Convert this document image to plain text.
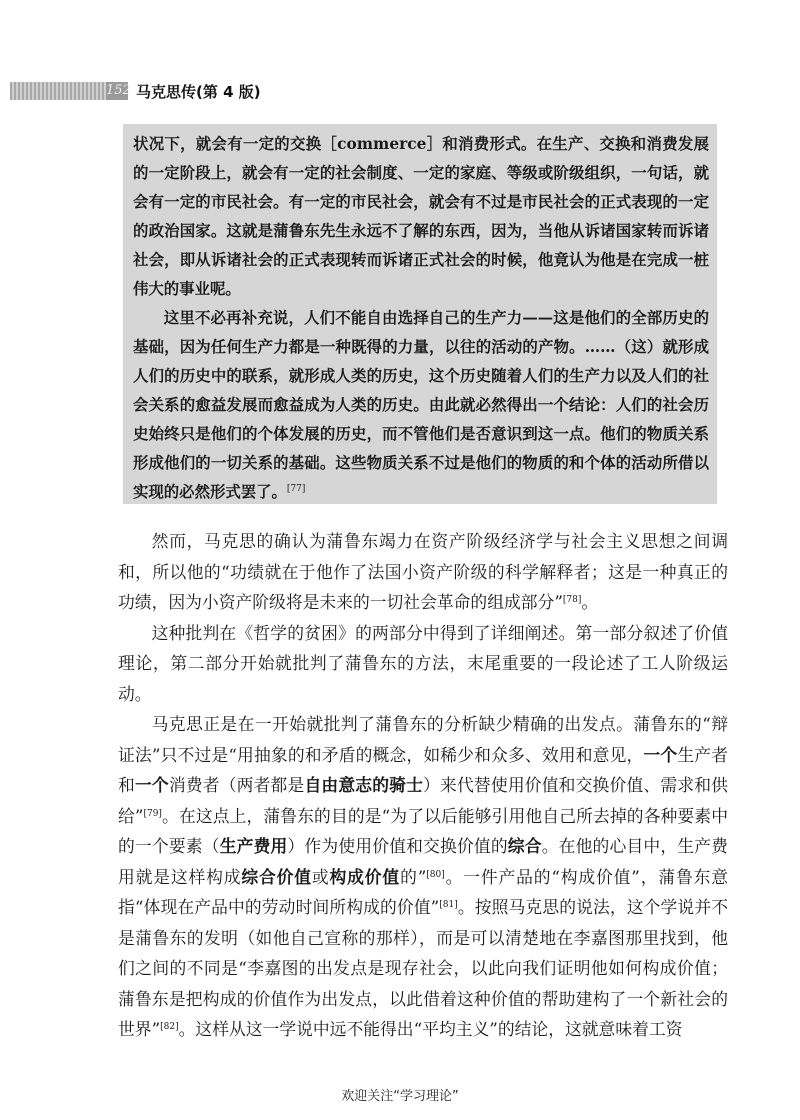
152 马克思传(第 4 版)

状况下，就会有一定的交换［commerce］和消费形式。在生产、交换和消费发展的一定阶段上，就会有一定的社会制度、一定的家庭、等级或阶级组织，一句话，就会有一定的市民社会。有一定的市民社会，就会有不过是市民社会的正式表现的一定的政治国家。这就是蒲鲁东先生永远不了解的东西，因为，当他从诉诸国家转而诉诸社会，即从诉诸社会的正式表现转而诉诸正式社会的时候，他竟认为他是在完成一桩伟大的事业呢。

这里不必再补充说，人们不能自由选择自己的生产力——这是他们的全部历史的基础，因为任何生产力都是一种既得的力量，以往的活动的产物。……（这）就形成人们的历史中的联系，就形成人类的历史，这个历史随着人们的生产力以及人们的社会关系的愈益发展而愈益成为人类的历史。由此就必然得出一个结论：人们的社会历史始终只是他们的个体发展的历史，而不管他们是否意识到这一点。他们的物质关系形成他们的一切关系的基础。这些物质关系不过是他们的物质的和个体的活动所借以实现的必然形式罢了。[77]

然而，马克思的确认为蒲鲁东竭力在资产阶级经济学与社会主义思想之间调和，所以他的“功绩就在于他作了法国小资产阶级的科学解释者；这是一种真正的功绩，因为小资产阶级将是未来的一切社会革命的组成部分”[78]。

这种批判在《哲学的贫困》的两部分中得到了详细阐述。第一部分叙述了价值理论，第二部分开始就批判了蒲鲁东的方法，末尾重要的一段论述了工人阶级运动。

马克思正是在一开始就批判了蒲鲁东的分析缺少精确的出发点。蒲鲁东的“辩证法”只不过是“用抽象的和矛盾的概念，如稀少和众多、效用和意见，一个生产者和一个消费者（两者都是自由意志的骑士）来代替使用价值和交换价值、需求和供给”[79]。在这点上，蒲鲁东的目的是“为了以后能够引用他自己所去掉的各种要素中的一个要素（生产费用）作为使用价值和交换价值的综合。在他的心目中，生产费用就是这样构成综合价值或构成价值的”[80]。一件产品的“构成价值”，蒲鲁东意指“体现在产品中的劳动时间所构成的价值”[81]。按照马克思的说法，这个学说并不是蒲鲁东的发明（如他自己宣称的那样），而是可以清楚地在李嘉图那里找到，他们之间的不同是“李嘉图的出发点是现存社会，以此向我们证明他如何构成价值；蒲鲁东是把构成的价值作为出发点，以此借着这种价值的帮助建构了一个新社会的世界”[82]。这样从这一学说中远不能得出“平均主义”的结论，这就意味着工资

欢迎关注“学习理论”
